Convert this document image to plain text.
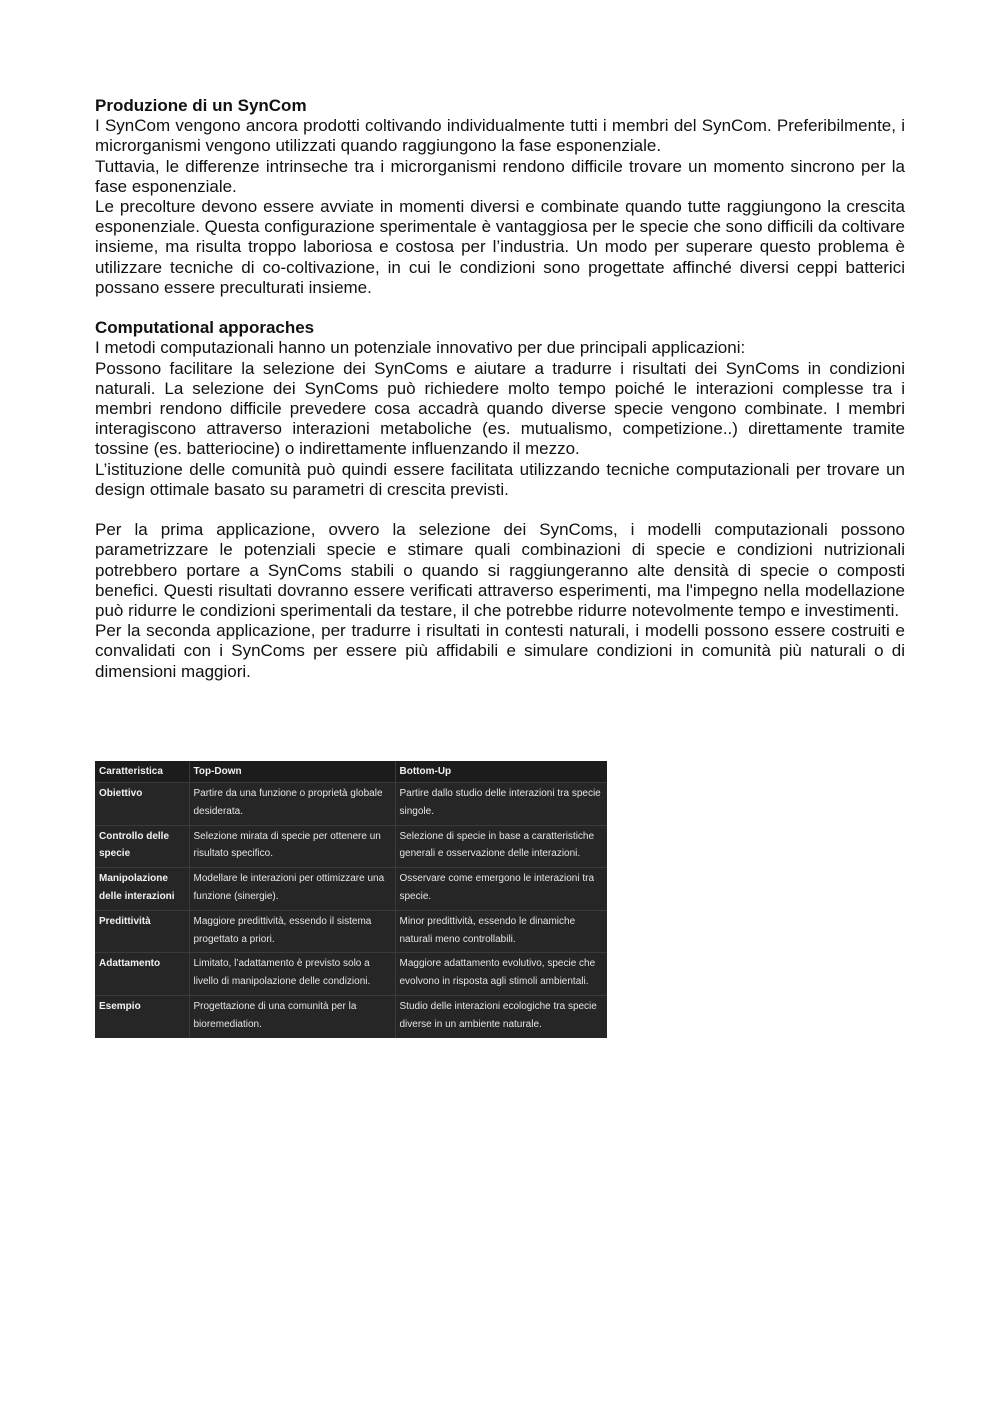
Produzione di un SynCom

I SynCom vengono ancora prodotti coltivando individualmente tutti i membri del SynCom. Preferibilmente, i microrganismi vengono utilizzati quando raggiungono la fase esponenziale.

Tuttavia, le differenze intrinseche tra i microrganismi rendono difficile trovare un momento sincrono per la fase esponenziale.

Le precolture devono essere avviate in momenti diversi e combinate quando tutte raggiungono la crescita esponenziale. Questa configurazione sperimentale è vantaggiosa per le specie che sono difficili da coltivare insieme, ma risulta troppo laboriosa e costosa per l’industria. Un modo per superare questo problema è utilizzare tecniche di co-coltivazione, in cui le condizioni sono progettate affinché diversi ceppi batterici possano essere preculturati insieme.

Computational apporaches

I metodi computazionali hanno un potenziale innovativo per due principali applicazioni:

Possono facilitare la selezione dei SynComs e aiutare a tradurre i risultati dei SynComs in condizioni naturali. La selezione dei SynComs può richiedere molto tempo poiché le interazioni complesse tra i membri rendono difficile prevedere cosa accadrà quando diverse specie vengono combinate. I membri interagiscono attraverso interazioni metaboliche (es. mutualismo, competizione..) direttamente tramite tossine (es. batteriocine) o indirettamente influenzando il mezzo.

L’istituzione delle comunità può quindi essere facilitata utilizzando tecniche computazionali per trovare un design ottimale basato su parametri di crescita previsti.

Per la prima applicazione, ovvero la selezione dei SynComs, i modelli computazionali possono parametrizzare le potenziali specie e stimare quali combinazioni di specie e condizioni nutrizionali potrebbero portare a SynComs stabili o quando si raggiungeranno alte densità di specie o composti benefici. Questi risultati dovranno essere verificati attraverso esperimenti, ma l'impegno nella modellazione può ridurre le condizioni sperimentali da testare, il che potrebbe ridurre notevolmente tempo e investimenti.

Per la seconda applicazione, per tradurre i risultati in contesti naturali, i modelli possono essere costruiti e convalidati con i SynComs per essere più affidabili e simulare condizioni in comunità più naturali o di dimensioni maggiori.

Caratteristica	Top-Down	Bottom-Up
Obiettivo	Partire da una funzione o proprietà globale desiderata.	Partire dallo studio delle interazioni tra specie singole.
Controllo delle specie	Selezione mirata di specie per ottenere un risultato specifico.	Selezione di specie in base a caratteristiche generali e osservazione delle interazioni.
Manipolazione delle interazioni	Modellare le interazioni per ottimizzare una funzione (sinergie).	Osservare come emergono le interazioni tra specie.
Predittività	Maggiore predittività, essendo il sistema progettato a priori.	Minor predittività, essendo le dinamiche naturali meno controllabili.
Adattamento	Limitato, l’adattamento è previsto solo a livello di manipolazione delle condizioni.	Maggiore adattamento evolutivo, specie che evolvono in risposta agli stimoli ambientali.
Esempio	Progettazione di una comunità per la bioremediation.	Studio delle interazioni ecologiche tra specie diverse in un ambiente naturale.
